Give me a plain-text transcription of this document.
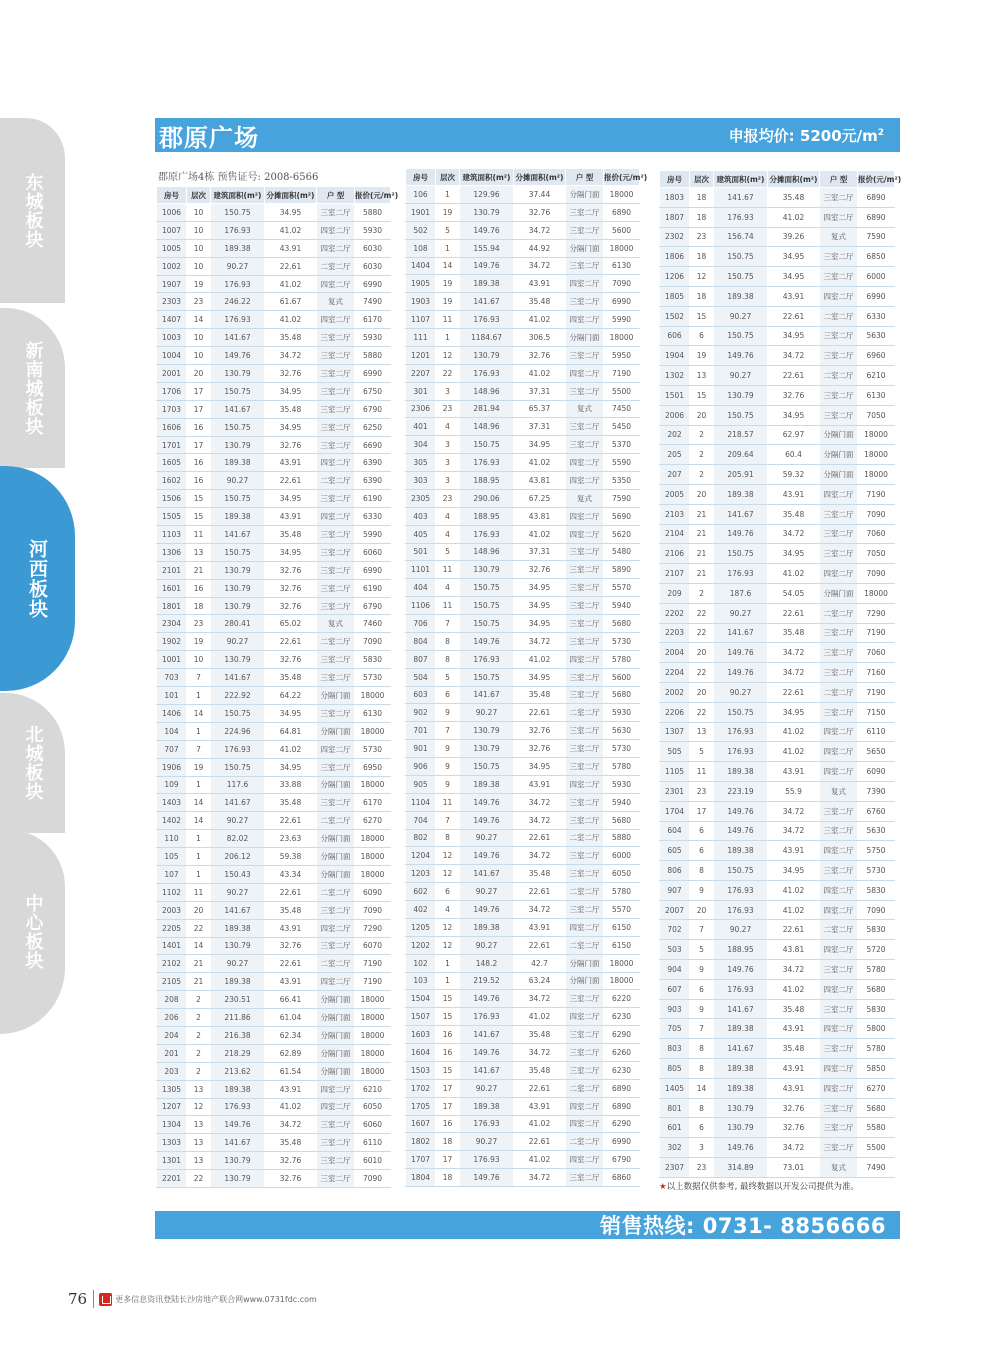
东城板块
新南城板块
河西板块
北城板块
中心板块
郡原广场	申报均价: 5200元$/m^2$
郡原广场4栋 预售证号: 2008-6566
房号	层次	建筑面积(m²)	分摊面积(m²)	户 型	报价(元/m²)
1006	10	150.75	34.95	三室二厅	5880
1007	10	176.93	41.02	四室二厅	5930
1005	10	189.38	43.91	四室二厅	6030
1002	10	90.27	22.61	二室二厅	6030
1907	19	176.93	41.02	四室二厅	6990
2303	23	246.22	61.67	复式	7490
1407	14	176.93	41.02	四室二厅	6170
1003	10	141.67	35.48	三室二厅	5930
1004	10	149.76	34.72	三室二厅	5880
2001	20	130.79	32.76	三室二厅	6990
1706	17	150.75	34.95	三室二厅	6750
1703	17	141.67	35.48	三室二厅	6790
1606	16	150.75	34.95	三室二厅	6250
1701	17	130.79	32.76	三室二厅	6690
1605	16	189.38	43.91	四室二厅	6390
1602	16	90.27	22.61	二室二厅	6390
1506	15	150.75	34.95	三室二厅	6190
1505	15	189.38	43.91	四室二厅	6330
1103	11	141.67	35.48	三室二厅	5990
1306	13	150.75	34.95	三室二厅	6060
2101	21	130.79	32.76	三室二厅	6990
1601	16	130.79	32.76	三室二厅	6190
1801	18	130.79	32.76	三室二厅	6790
2304	23	280.41	65.02	复式	7460
1902	19	90.27	22.61	二室二厅	7090
1001	10	130.79	32.76	三室二厅	5830
703	7	141.67	35.48	三室二厅	5730
101	1	222.92	64.22	分隔门面	18000
1406	14	150.75	34.95	三室二厅	6130
104	1	224.96	64.81	分隔门面	18000
707	7	176.93	41.02	四室二厅	5730
1906	19	150.75	34.95	三室二厅	6950
109	1	117.6	33.88	分隔门面	18000
1403	14	141.67	35.48	三室二厅	6170
1402	14	90.27	22.61	二室二厅	6270
110	1	82.02	23.63	分隔门面	18000
105	1	206.12	59.38	分隔门面	18000
107	1	150.43	43.34	分隔门面	18000
1102	11	90.27	22.61	二室二厅	6090
2003	20	141.67	35.48	三室二厅	7090
2205	22	189.38	43.91	四室二厅	7290
1401	14	130.79	32.76	三室二厅	6070
2102	21	90.27	22.61	二室二厅	7190
2105	21	189.38	43.91	四室二厅	7190
208	2	230.51	66.41	分隔门面	18000
206	2	211.86	61.04	分隔门面	18000
204	2	216.38	62.34	分隔门面	18000
201	2	218.29	62.89	分隔门面	18000
203	2	213.62	61.54	分隔门面	18000
1305	13	189.38	43.91	四室二厅	6210
1207	12	176.93	41.02	四室二厅	6050
1304	13	149.76	34.72	三室二厅	6060
1303	13	141.67	35.48	三室二厅	6110
1301	13	130.79	32.76	三室二厅	6010
2201	22	130.79	32.76	三室二厅	7090
房号	层次	建筑面积(m²)	分摊面积(m²)	户 型	报价(元/m²)
106	1	129.96	37.44	分隔门面	18000
1901	19	130.79	32.76	三室二厅	6890
502	5	149.76	34.72	三室二厅	5600
108	1	155.94	44.92	分隔门面	18000
1404	14	149.76	34.72	三室二厅	6130
1905	19	189.38	43.91	四室二厅	7090
1903	19	141.67	35.48	三室二厅	6990
1107	11	176.93	41.02	四室二厅	5990
111	1	1184.67	306.5	分隔门面	18000
1201	12	130.79	32.76	三室二厅	5950
2207	22	176.93	41.02	四室二厅	7190
301	3	148.96	37.31	三室二厅	5500
2306	23	281.94	65.37	复式	7450
401	4	148.96	37.31	三室二厅	5450
304	3	150.75	34.95	三室二厅	5370
305	3	176.93	41.02	四室二厅	5590
303	3	188.95	43.81	四室二厅	5350
2305	23	290.06	67.25	复式	7590
403	4	188.95	43.81	四室二厅	5690
405	4	176.93	41.02	四室二厅	5620
501	5	148.96	37.31	三室二厅	5480
1101	11	130.79	32.76	三室二厅	5890
404	4	150.75	34.95	三室二厅	5570
1106	11	150.75	34.95	三室二厅	5940
706	7	150.75	34.95	三室二厅	5680
804	8	149.76	34.72	三室二厅	5730
807	8	176.93	41.02	四室二厅	5780
504	5	150.75	34.95	三室二厅	5600
603	6	141.67	35.48	三室二厅	5680
902	9	90.27	22.61	二室二厅	5930
701	7	130.79	32.76	三室二厅	5630
901	9	130.79	32.76	三室二厅	5730
906	9	150.75	34.95	三室二厅	5780
905	9	189.38	43.91	四室二厅	5930
1104	11	149.76	34.72	三室二厅	5940
704	7	149.76	34.72	三室二厅	5680
802	8	90.27	22.61	二室二厅	5880
1204	12	149.76	34.72	三室二厅	6000
1203	12	141.67	35.48	三室二厅	6050
602	6	90.27	22.61	二室二厅	5780
402	4	149.76	34.72	三室二厅	5570
1205	12	189.38	43.91	四室二厅	6150
1202	12	90.27	22.61	二室二厅	6150
102	1	148.2	42.7	分隔门面	18000
103	1	219.52	63.24	分隔门面	18000
1504	15	149.76	34.72	三室二厅	6220
1507	15	176.93	41.02	四室二厅	6230
1603	16	141.67	35.48	三室二厅	6290
1604	16	149.76	34.72	三室二厅	6260
1503	15	141.67	35.48	三室二厅	6230
1702	17	90.27	22.61	二室二厅	6890
1705	17	189.38	43.91	四室二厅	6890
1607	16	176.93	41.02	四室二厅	6290
1802	18	90.27	22.61	二室二厅	6990
1707	17	176.93	41.02	四室二厅	6790
1804	18	149.76	34.72	三室二厅	6860
房号	层次	建筑面积(m²)	分摊面积(m²)	户 型	报价(元/m²)
1803	18	141.67	35.48	三室二厅	6890
1807	18	176.93	41.02	四室二厅	6890
2302	23	156.74	39.26	复式	7590
1806	18	150.75	34.95	三室二厅	6850
1206	12	150.75	34.95	三室二厅	6000
1805	18	189.38	43.91	四室二厅	6990
1502	15	90.27	22.61	二室二厅	6330
606	6	150.75	34.95	三室二厅	5630
1904	19	149.76	34.72	三室二厅	6960
1302	13	90.27	22.61	二室二厅	6210
1501	15	130.79	32.76	三室二厅	6130
2006	20	150.75	34.95	三室二厅	7050
202	2	218.57	62.97	分隔门面	18000
205	2	209.64	60.4	分隔门面	18000
207	2	205.91	59.32	分隔门面	18000
2005	20	189.38	43.91	四室二厅	7190
2103	21	141.67	35.48	三室二厅	7090
2104	21	149.76	34.72	三室二厅	7060
2106	21	150.75	34.95	三室二厅	7050
2107	21	176.93	41.02	四室二厅	7090
209	2	187.6	54.05	分隔门面	18000
2202	22	90.27	22.61	二室二厅	7290
2203	22	141.67	35.48	三室二厅	7190
2004	20	149.76	34.72	三室二厅	7060
2204	22	149.76	34.72	三室二厅	7160
2002	20	90.27	22.61	二室二厅	7190
2206	22	150.75	34.95	三室二厅	7150
1307	13	176.93	41.02	四室二厅	6110
505	5	176.93	41.02	四室二厅	5650
1105	11	189.38	43.91	四室二厅	6090
2301	23	223.19	55.9	复式	7390
1704	17	149.76	34.72	三室二厅	6760
604	6	149.76	34.72	三室二厅	5630
605	6	189.38	43.91	四室二厅	5750
806	8	150.75	34.95	三室二厅	5730
907	9	176.93	41.02	四室二厅	5830
2007	20	176.93	41.02	四室二厅	7090
702	7	90.27	22.61	二室二厅	5830
503	5	188.95	43.81	四室二厅	5720
904	9	149.76	34.72	三室二厅	5780
607	6	176.93	41.02	四室二厅	5680
903	9	141.67	35.48	三室二厅	5830
705	7	189.38	43.91	四室二厅	5800
803	8	141.67	35.48	三室二厅	5780
805	8	189.38	43.91	四室二厅	5850
1405	14	189.38	43.91	四室二厅	6270
801	8	130.79	32.76	三室二厅	5680
601	6	130.79	32.76	三室二厅	5580
302	3	149.76	34.72	三室二厅	5500
2307	23	314.89	73.01	复式	7490
★以上数据仅供参考, 最终数据以开发公司提供为准。
销售热线: 0731- 8856666
76	更多信息资讯登陆长沙房地产联合网www.0731fdc.com
